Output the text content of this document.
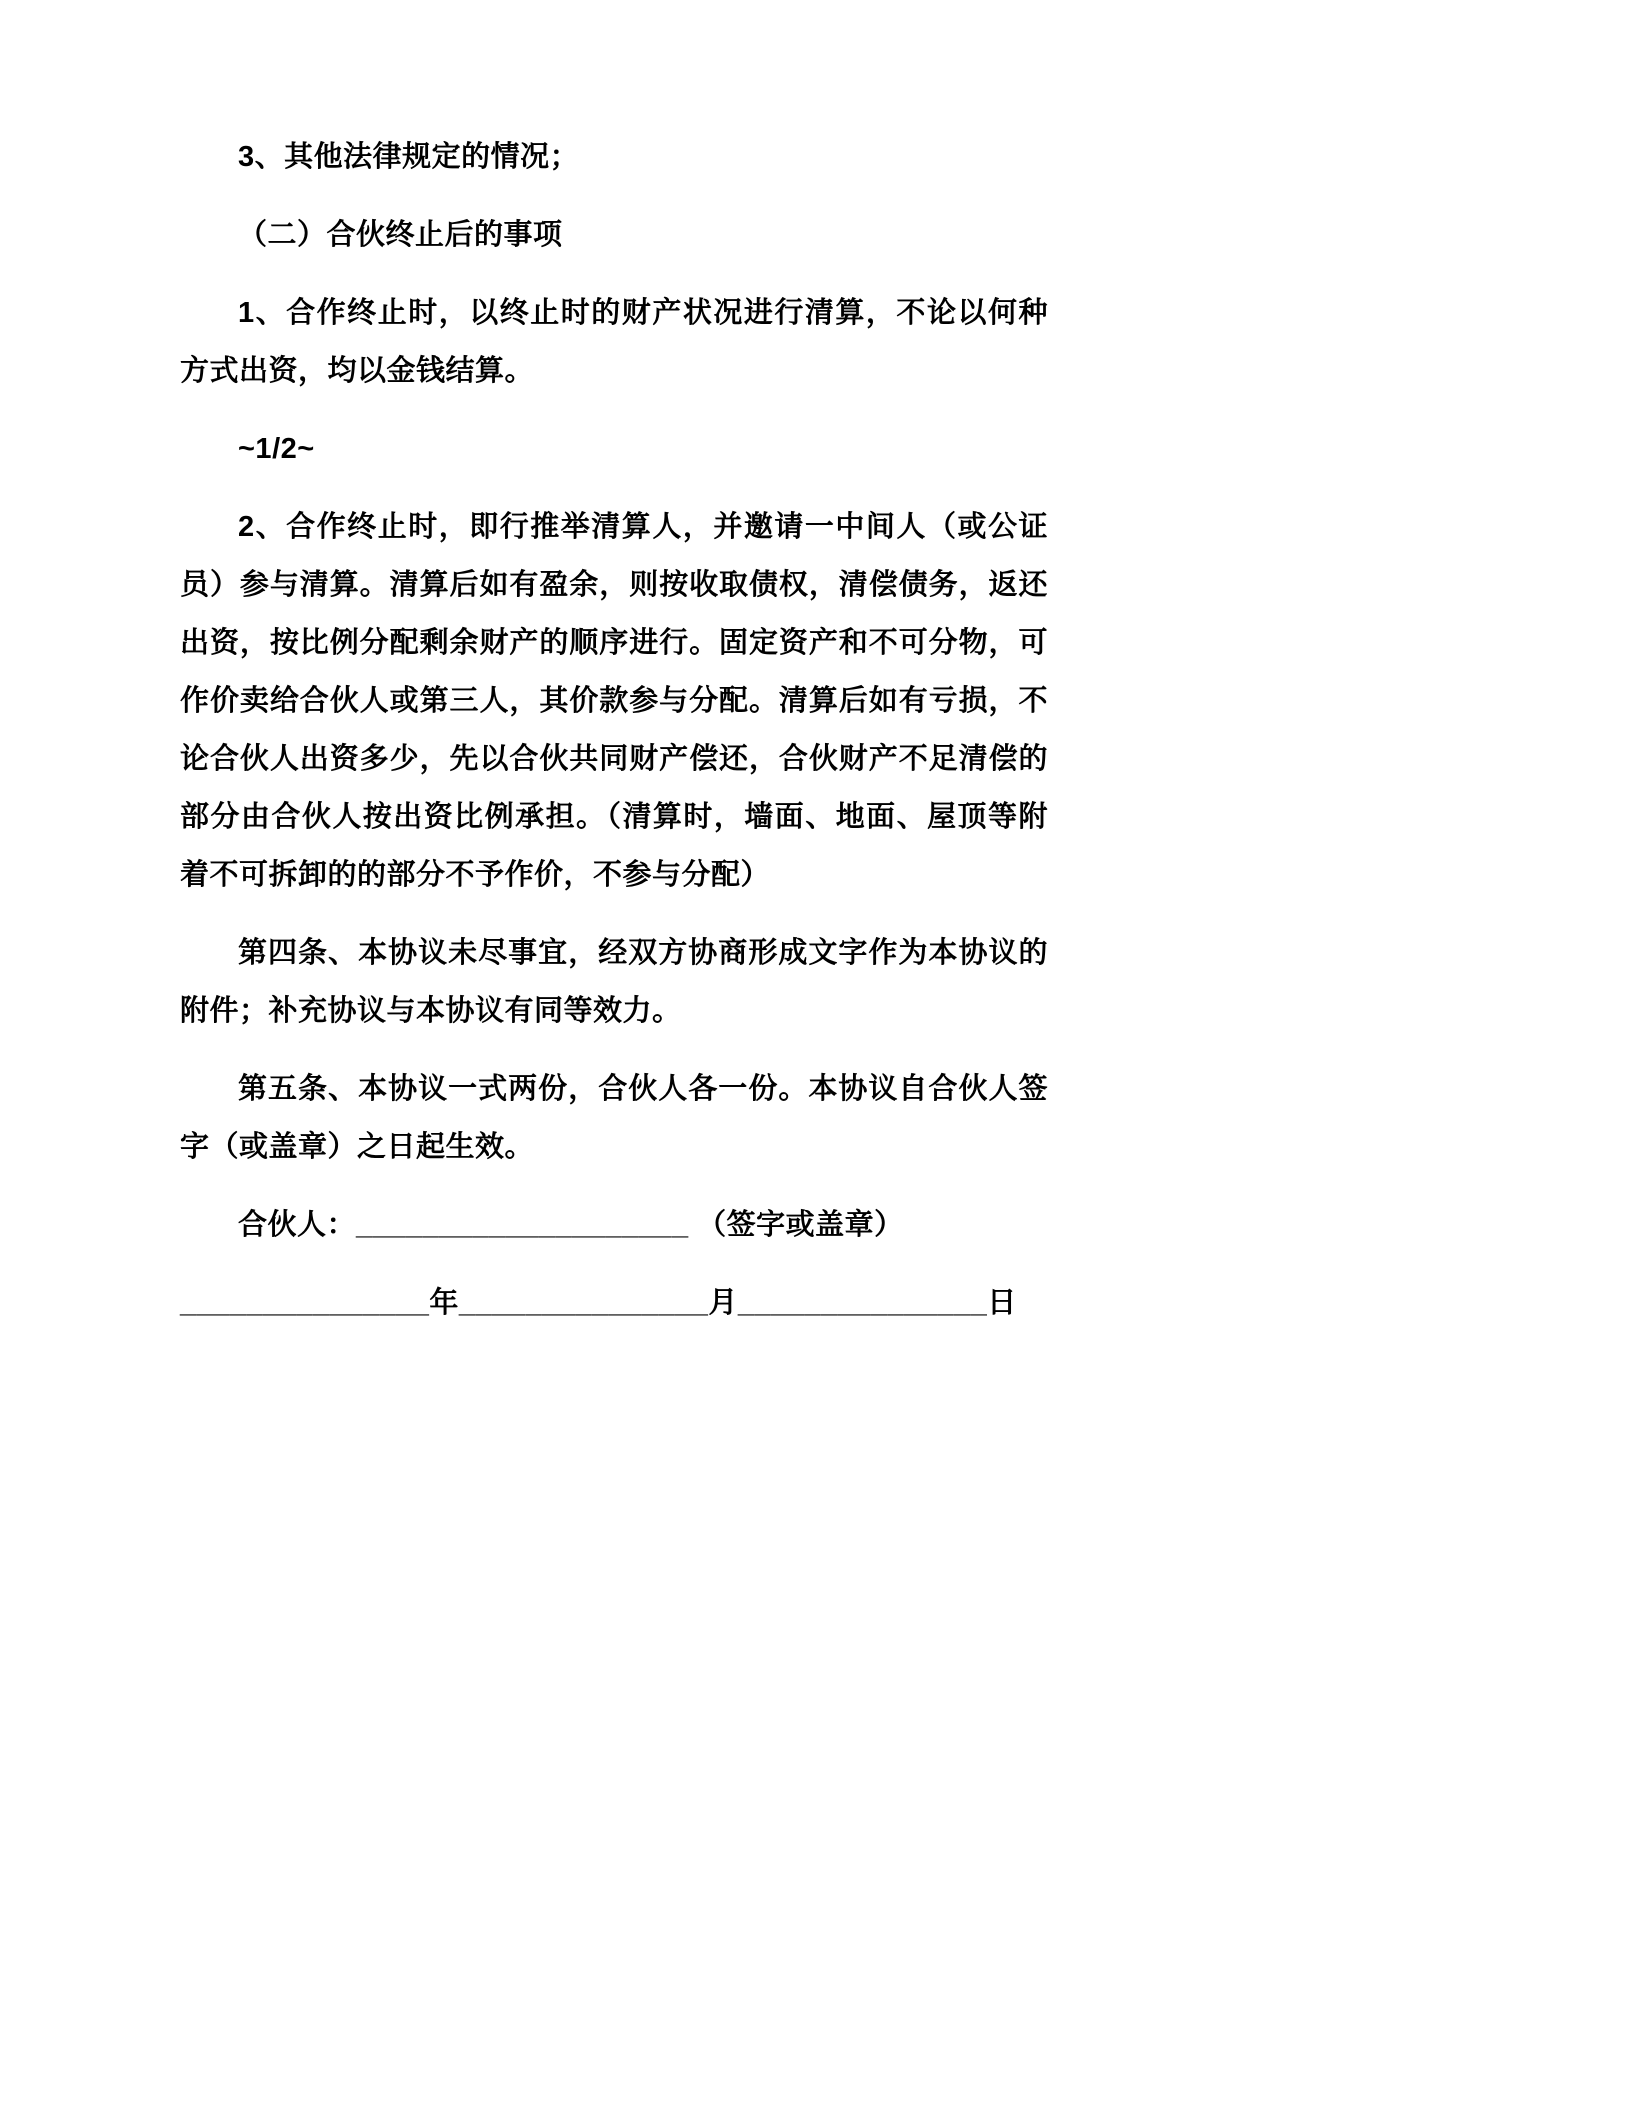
3、其他法律规定的情况；

（二）合伙终止后的事项

1、合作终止时，以终止时的财产状况进行清算，不论以何种方式出资，均以金钱结算。

~1/2~

2、合作终止时，即行推举清算人，并邀请一中间人（或公证员）参与清算。清算后如有盈余，则按收取债权，清偿债务，返还出资，按比例分配剩余财产的顺序进行。固定资产和不可分物，可作价卖给合伙人或第三人，其价款参与分配。清算后如有亏损，不论合伙人出资多少，先以合伙共同财产偿还，合伙财产不足清偿的部分由合伙人按出资比例承担。（清算时，墙面、地面、屋顶等附着不可拆卸的的部分不予作价，不参与分配）

第四条、本协议未尽事宜，经双方协商形成文字作为本协议的附件；补充协议与本协议有同等效力。

第五条、本协议一式两份，合伙人各一份。本协议自合伙人签字（或盖章）之日起生效。

合伙人：____________________ （签字或盖章）

_______________年_______________月_______________日
